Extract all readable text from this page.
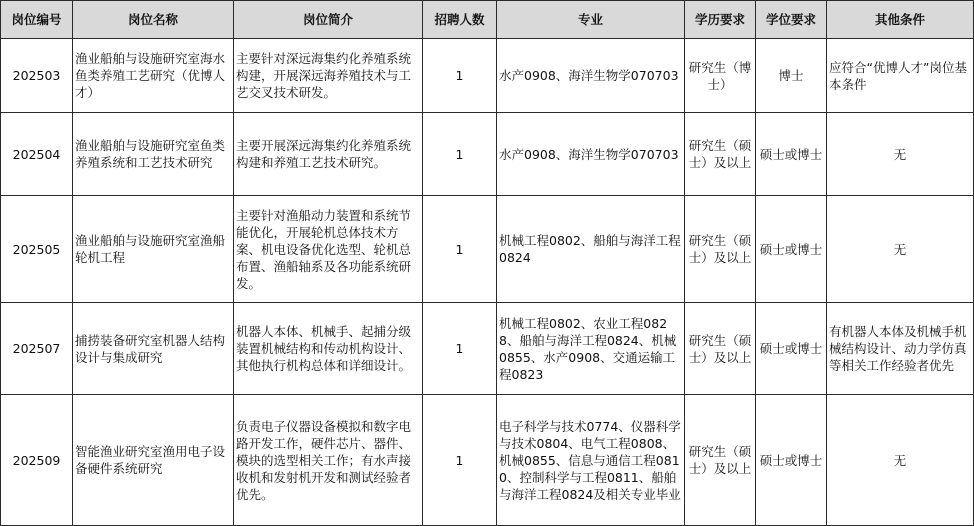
岗位编号	岗位名称	岗位简介	招聘人数	专业	学历要求	学位要求	其他条件
202503	渔业船舶与设施研究室海水鱼类养殖工艺研究（优博人才）	主要针对深远海集约化养殖系统构建，开展深远海养殖技术与工艺交叉技术研发。	1	水产0908、海洋生物学070703	研究生（博士）	博士	应符合“优博人才”岗位基本条件
202504	渔业船舶与设施研究室鱼类养殖系统和工艺技术研究	主要开展深远海集约化养殖系统构建和养殖工艺技术研究。	1	水产0908、海洋生物学070703	研究生（硕士）及以上	硕士或博士	无
202505	渔业船舶与设施研究室渔船轮机工程	主要针对渔船动力装置和系统节能优化，开展轮机总体技术方案、机电设备优化选型、轮机总布置、渔船轴系及各功能系统研发。	1	机械工程0802、船舶与海洋工程0824	研究生（硕士）及以上	硕士或博士	无
202507	捕捞装备研究室机器人结构设计与集成研究	机器人本体、机械手、起捕分级装置机械结构和传动机构设计、其他执行机构总体和详细设计。	1	机械工程0802、农业工程0828、船舶与海洋工程0824、机械0855、水产0908、交通运输工程0823	研究生（硕士）及以上	硕士或博士	有机器人本体及机械手机械结构设计、动力学仿真等相关工作经验者优先
202509	智能渔业研究室渔用电子设备硬件系统研究	负责电子仪器设备模拟和数字电路开发工作，硬件芯片、器件、模块的选型相关工作；有水声接收机和发射机开发和测试经验者优先。	1	电子科学与技术0774、仪器科学与技术0804、电气工程0808、机械0855、信息与通信工程0810、控制科学与工程0811、船舶与海洋工程0824及相关专业毕业	研究生（硕士）及以上	硕士或博士	无
